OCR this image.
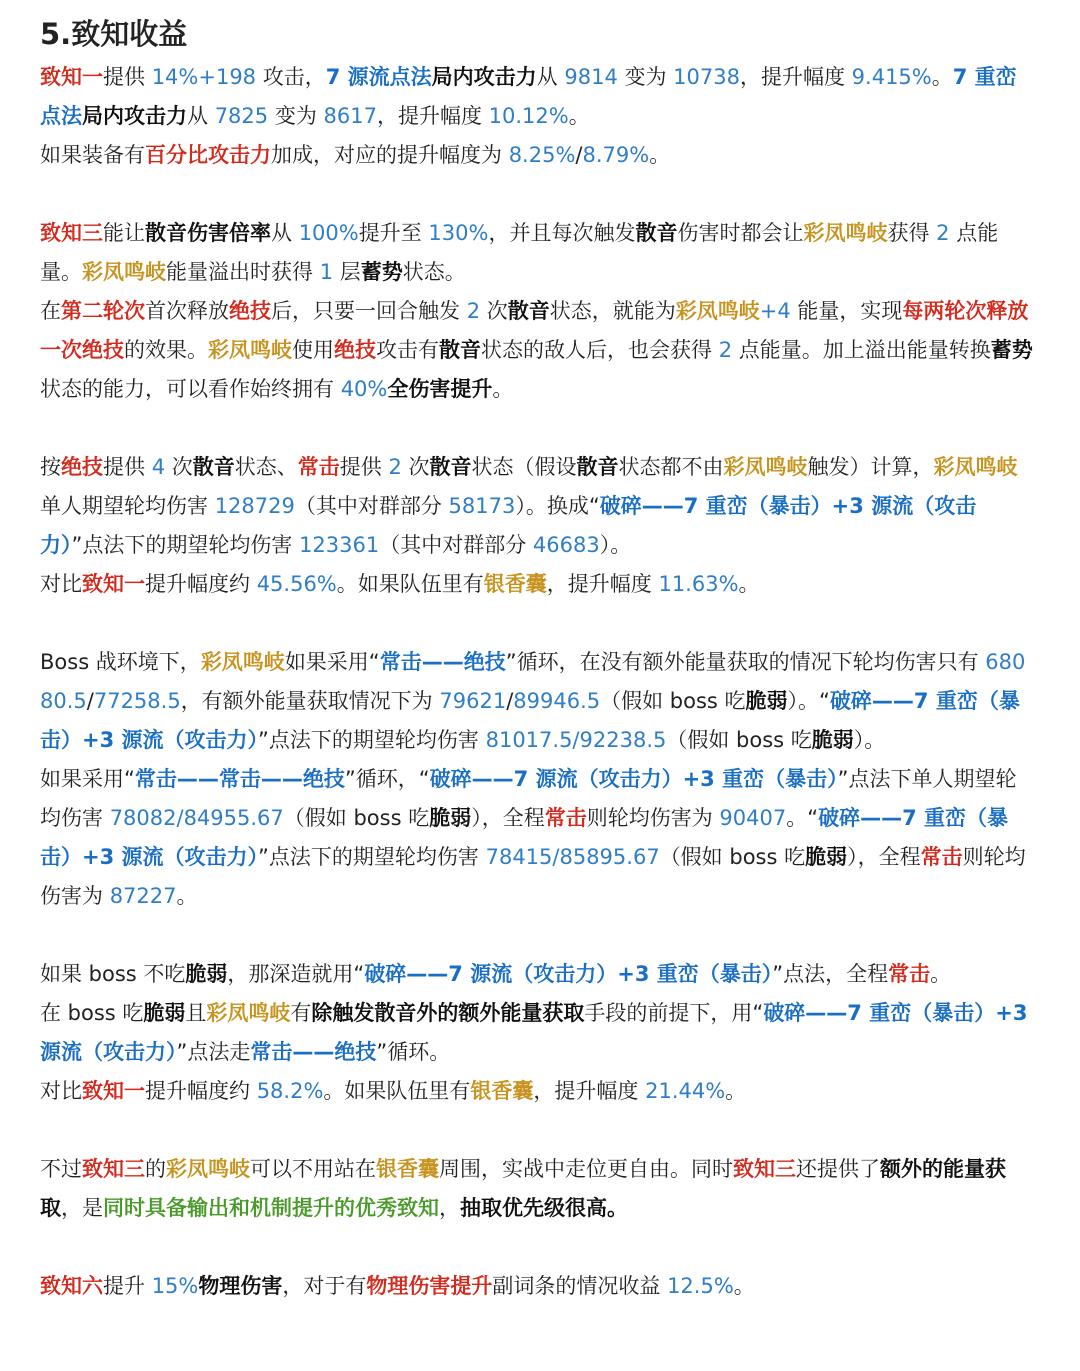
5.致知收益

致知一提供 14%+198 攻击，7 源流点法局内攻击力从 9814 变为 10738，提升幅度 9.415%。7 重峦点法局内攻击力从 7825 变为 8617，提升幅度 10.12%。

如果装备有百分比攻击力加成，对应的提升幅度为 8.25%/8.79%。

致知三能让散音伤害倍率从 100%提升至 130%，并且每次触发散音伤害时都会让彩凤鸣岐获得 2 点能量。彩凤鸣岐能量溢出时获得 1 层蓄势状态。

在第二轮次首次释放绝技后，只要一回合触发 2 次散音状态，就能为彩凤鸣岐+4 能量，实现每两轮次释放一次绝技的效果。彩凤鸣岐使用绝技攻击有散音状态的敌人后，也会获得 2 点能量。加上溢出能量转换蓄势状态的能力，可以看作始终拥有 40%全伤害提升。

按绝技提供 4 次散音状态、常击提供 2 次散音状态（假设散音状态都不由彩凤鸣岐触发）计算，彩凤鸣岐单人期望轮均伤害 128729（其中对群部分 58173）。换成“破碎——7 重峦（暴击）+3 源流（攻击力）”点法下的期望轮均伤害 123361（其中对群部分 46683）。

对比致知一提升幅度约 45.56%。如果队伍里有银香囊，提升幅度 11.63%。

Boss 战环境下，彩凤鸣岐如果采用“常击——绝技”循环，在没有额外能量获取的情况下轮均伤害只有 68080.5/77258.5，有额外能量获取情况下为 79621/89946.5（假如 boss 吃脆弱）。“破碎——7 重峦（暴击）+3 源流（攻击力）”点法下的期望轮均伤害 81017.5/92238.5（假如 boss 吃脆弱）。

如果采用“常击——常击——绝技”循环，“破碎——7 源流（攻击力）+3 重峦（暴击）”点法下单人期望轮均伤害 78082/84955.67（假如 boss 吃脆弱），全程常击则轮均伤害为 90407。“破碎——7 重峦（暴击）+3 源流（攻击力）”点法下的期望轮均伤害 78415/85895.67（假如 boss 吃脆弱），全程常击则轮均伤害为 87227。

如果 boss 不吃脆弱，那深造就用“破碎——7 源流（攻击力）+3 重峦（暴击）”点法，全程常击。

在 boss 吃脆弱且彩凤鸣岐有除触发散音外的额外能量获取手段的前提下，用“破碎——7 重峦（暴击）+3 源流（攻击力）”点法走常击——绝技”循环。

对比致知一提升幅度约 58.2%。如果队伍里有银香囊，提升幅度 21.44%。

不过致知三的彩凤鸣岐可以不用站在银香囊周围，实战中走位更自由。同时致知三还提供了额外的能量获取，是同时具备输出和机制提升的优秀致知，抽取优先级很高。

致知六提升 15%物理伤害，对于有物理伤害提升副词条的情况收益 12.5%。
